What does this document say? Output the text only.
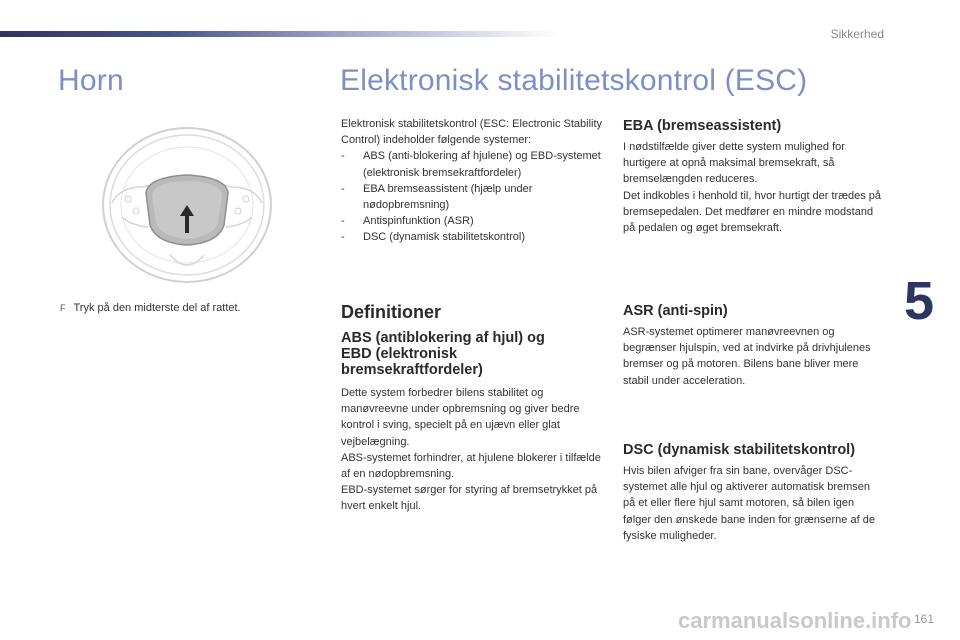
Sikkerhed
Horn	Elektronisk stabilitetskontrol (ESC)
F Tryk på den midterste del af rattet.

Elektronisk stabilitetskontrol (ESC: Electronic Stability Control) indeholder følgende systemer:

- ABS (anti-blokering af hjulene) og EBD-systemet (elektronisk bremsekraftfordeler)
- EBA bremseassistent (hjælp under nødopbremsning)
- Antispinfunktion (ASR)
- DSC (dynamisk stabilitetskontrol)
Definitioner
ABS (antiblokering af hjul) og EBD (elektronisk bremsekraftfordeler)

Dette system forbedrer bilens stabilitet og manøvreevne under opbremsning og giver bedre kontrol i sving, specielt på en ujævn eller glat vejbelægning.

ABS-systemet forhindrer, at hjulene blokerer i tilfælde af en nødopbremsning.

EBD-systemet sørger for styring af bremsetrykket på hvert enkelt hjul.

EBA (bremseassistent)

I nødstilfælde giver dette system mulighed for hurtigere at opnå maksimal bremsekraft, så bremselængden reduceres.

Det indkobles i henhold til, hvor hurtigt der trædes på bremsepedalen. Det medfører en mindre modstand på pedalen og øget bremsekraft.

ASR (anti-spin)
ASR-systemet optimerer manøvreevnen og begrænser hjulspin, ved at indvirke på drivhjulenes bremser og på motoren. Bilens bane bliver mere stabil under acceleration.
DSC (dynamisk stabilitetskontrol)
Hvis bilen afviger fra sin bane, overvåger DSC-systemet alle hjul og aktiverer automatisk bremsen på et eller flere hjul samt motoren, så bilen igen følger den ønskede bane inden for grænserne af de fysiske muligheder.
5
carmanualsonline.info 161
